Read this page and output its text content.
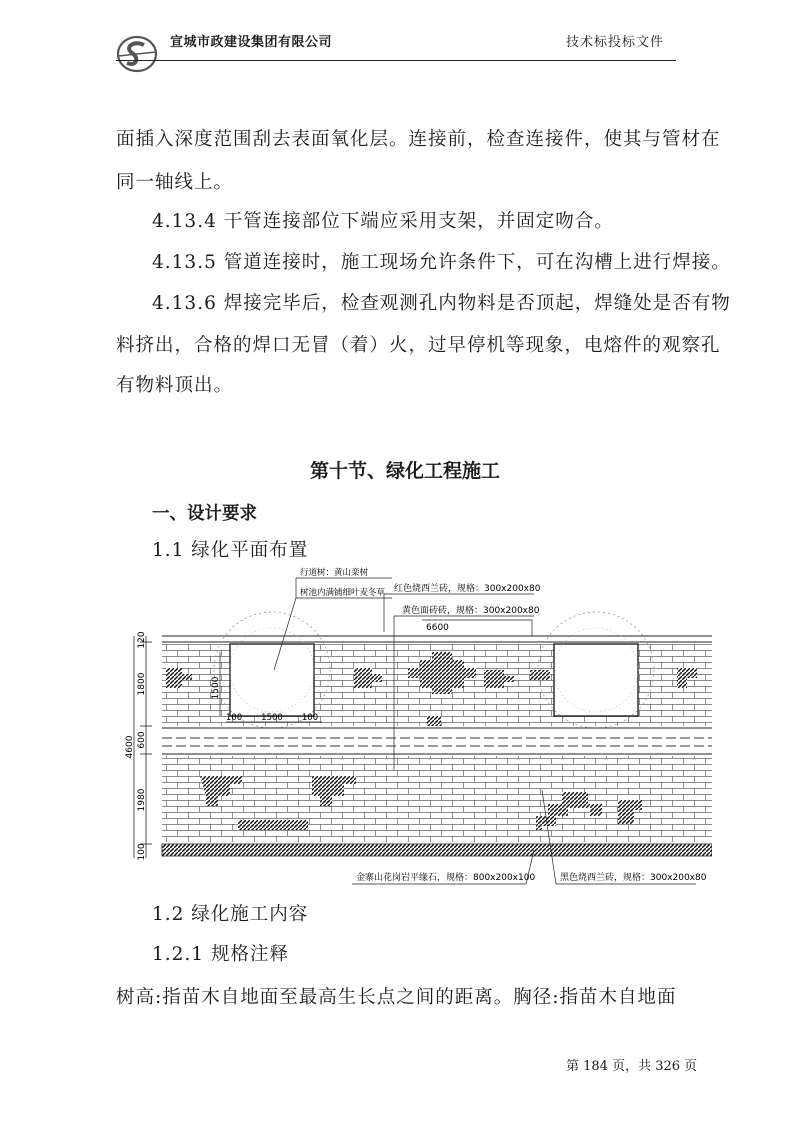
宣城市政建设集团有限公司	技术标投标文件
面插入深度范围刮去表面氧化层。连接前，检查连接件，使其与管材在
同一轴线上。
4.13.4 干管连接部位下端应采用支架，并固定吻合。
4.13.5 管道连接时，施工现场允许条件下，可在沟槽上进行焊接。
4.13.6 焊接完毕后，检查观测孔内物料是否顶起，焊缝处是否有物
料挤出，合格的焊口无冒（着）火，过早停机等现象，电熔件的观察孔
有物料顶出。
第十节、绿化工程施工
一、设计要求
1.1 绿化平面布置
4600
120
1800
600
1980
100
1500
100 1500 100
行道树：黄山栾树
树池内满铺细叶麦冬草 红色烧西兰砖，规格：300x200x80
黄色面砖砖，规格：300x200x80
6600
金寨山花岗岩平缘石，规格：800x200x100	黑色烧西兰砖，规格：300x200x80
1.2 绿化施工内容
1.2.1 规格注释
树高:指苗木自地面至最高生长点之间的距离。胸径:指苗木自地面
第 184 页，共 326 页
